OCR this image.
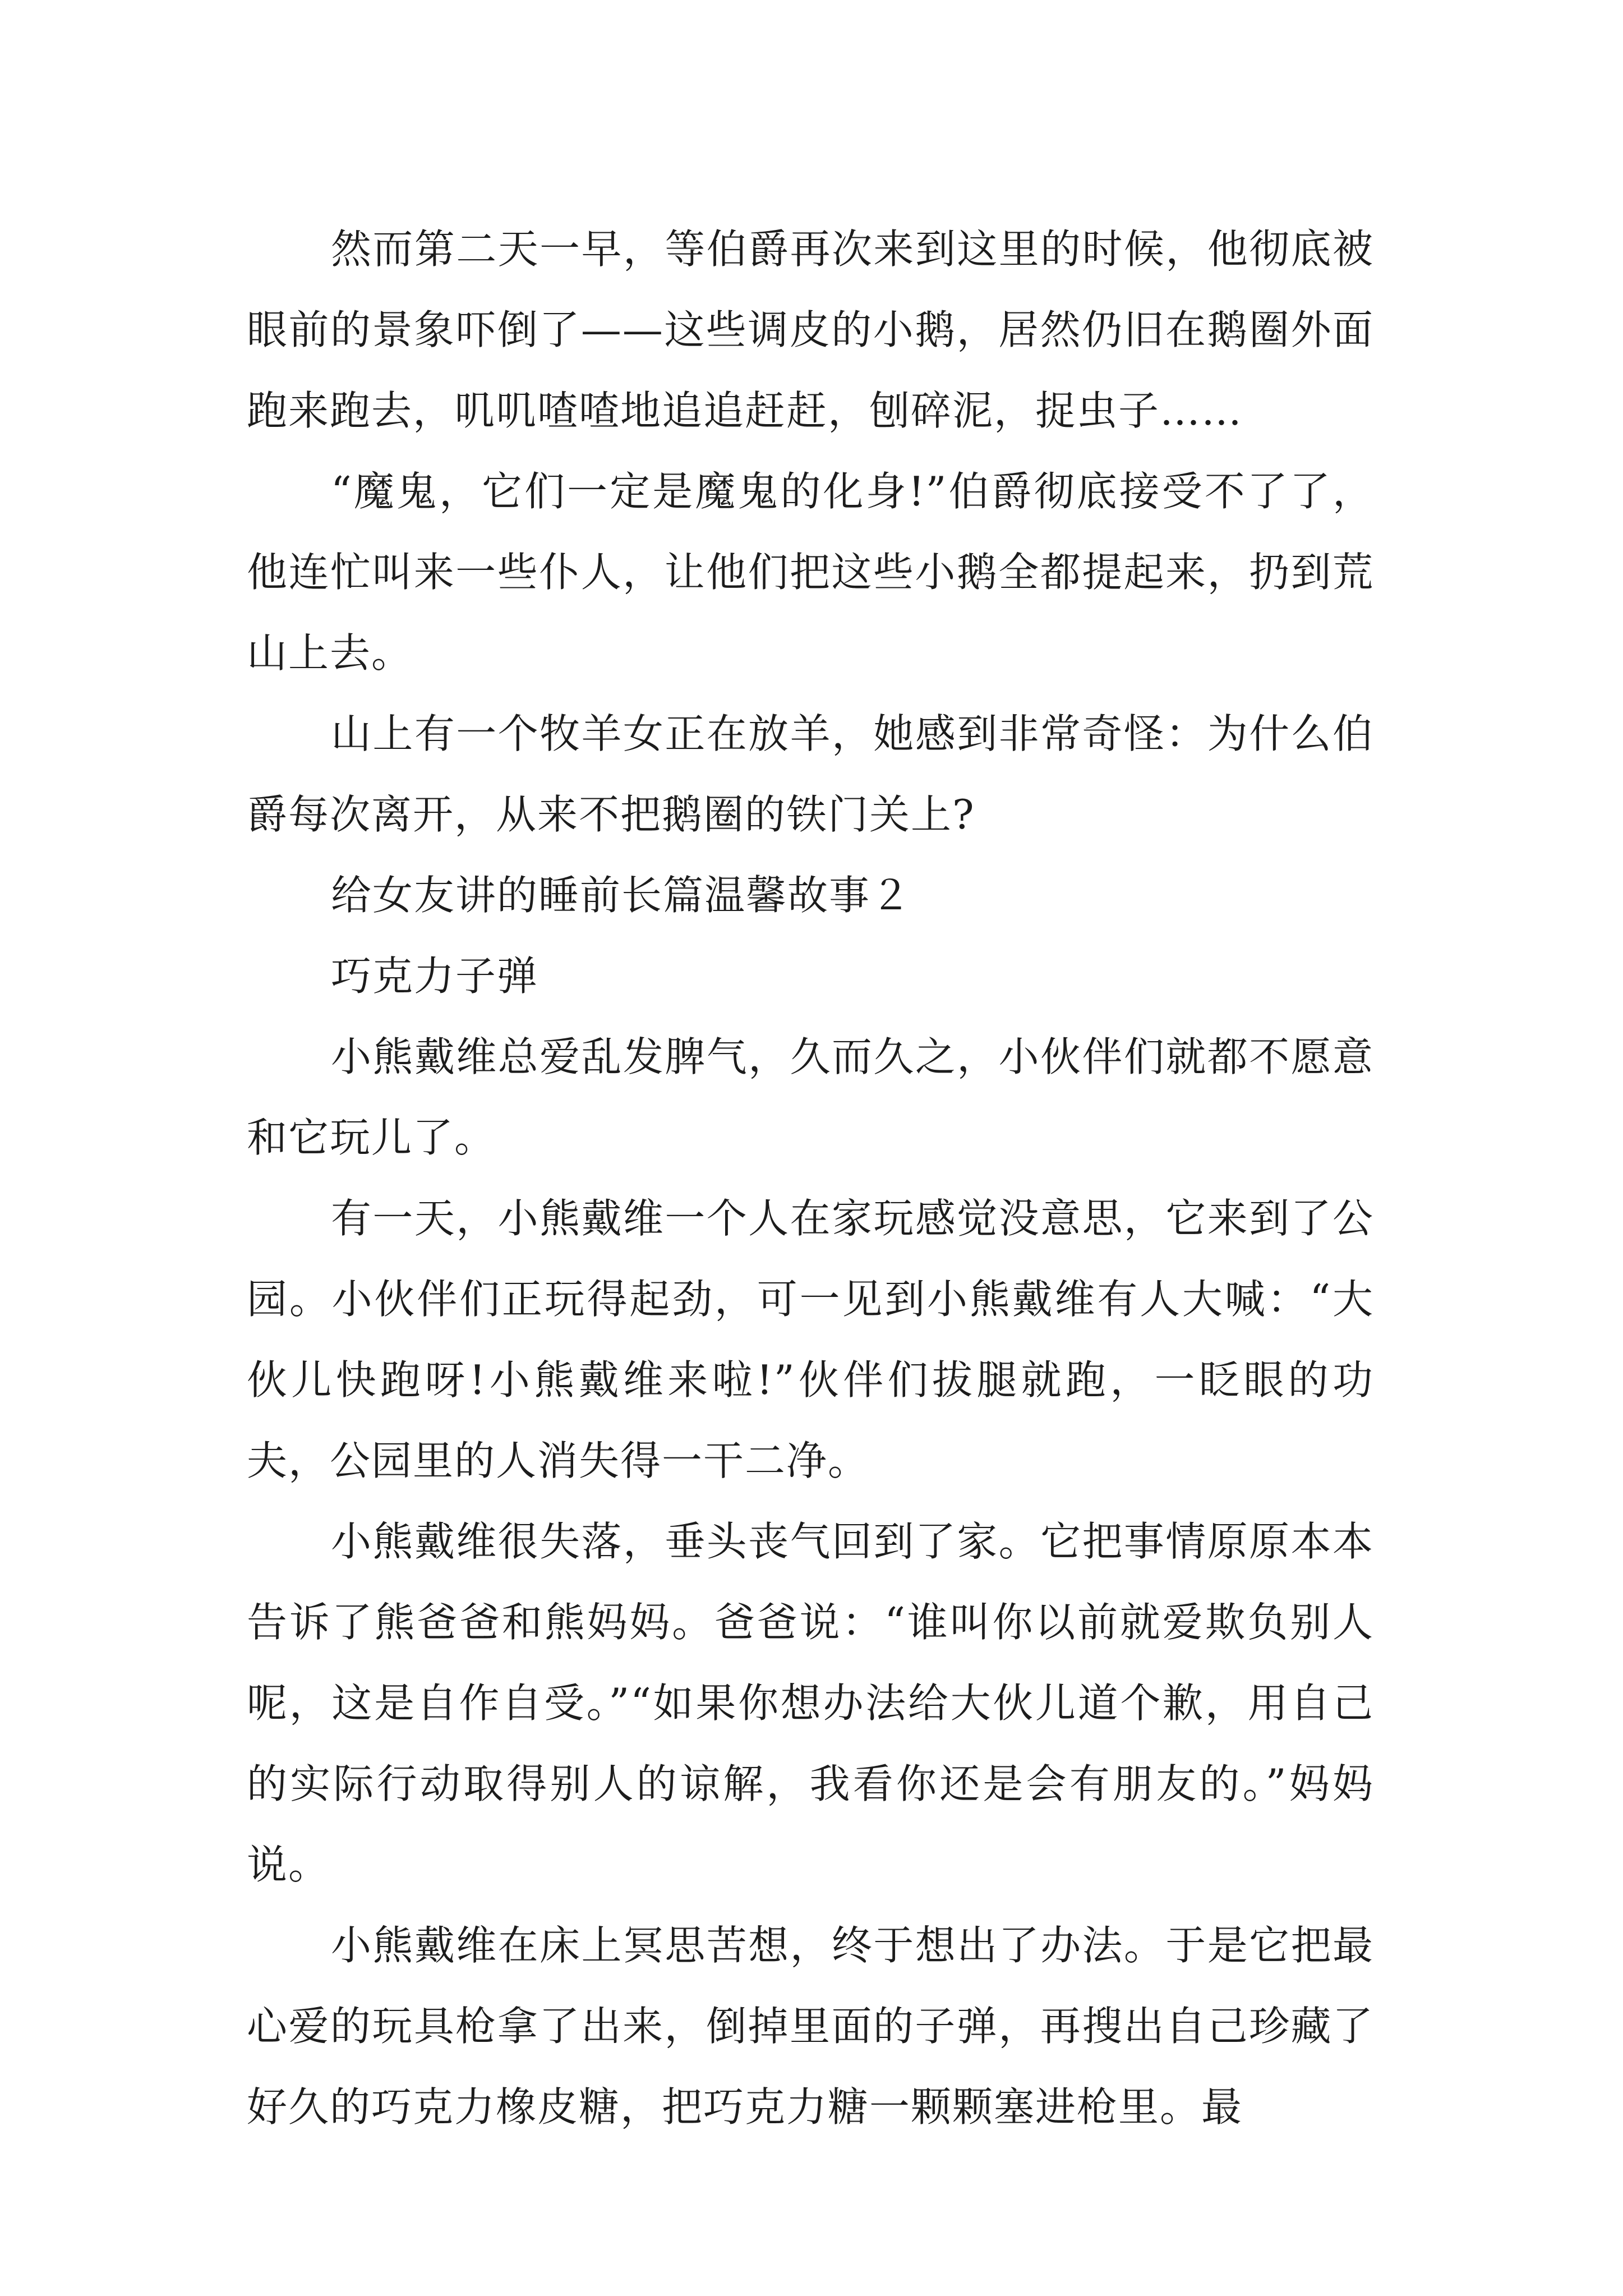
然而第二天一早，等伯爵再次来到这里的时候，他彻底被眼前的景象吓倒了——这些调皮的小鹅，居然仍旧在鹅圈外面跑来跑去，叽叽喳喳地追追赶赶，刨碎泥，捉虫子……

“魔鬼，它们一定是魔鬼的化身!”伯爵彻底接受不了了，他连忙叫来一些仆人，让他们把这些小鹅全都提起来，扔到荒山上去。

山上有一个牧羊女正在放羊，她感到非常奇怪：为什么伯爵每次离开，从来不把鹅圈的铁门关上?

给女友讲的睡前长篇温馨故事２

巧克力子弹

小熊戴维总爱乱发脾气，久而久之，小伙伴们就都不愿意和它玩儿了。

有一天，小熊戴维一个人在家玩感觉没意思，它来到了公园。小伙伴们正玩得起劲，可一见到小熊戴维有人大喊：“大伙儿快跑呀!小熊戴维来啦!”伙伴们拔腿就跑，一眨眼的功夫，公园里的人消失得一干二净。

小熊戴维很失落，垂头丧气回到了家。它把事情原原本本告诉了熊爸爸和熊妈妈。爸爸说：“谁叫你以前就爱欺负别人呢，这是自作自受。”“如果你想办法给大伙儿道个歉，用自己的实际行动取得别人的谅解，我看你还是会有朋友的。”妈妈说。

小熊戴维在床上冥思苦想，终于想出了办法。于是它把最心爱的玩具枪拿了出来，倒掉里面的子弹，再搜出自己珍藏了好久的巧克力橡皮糖，把巧克力糖一颗颗塞进枪里。最
